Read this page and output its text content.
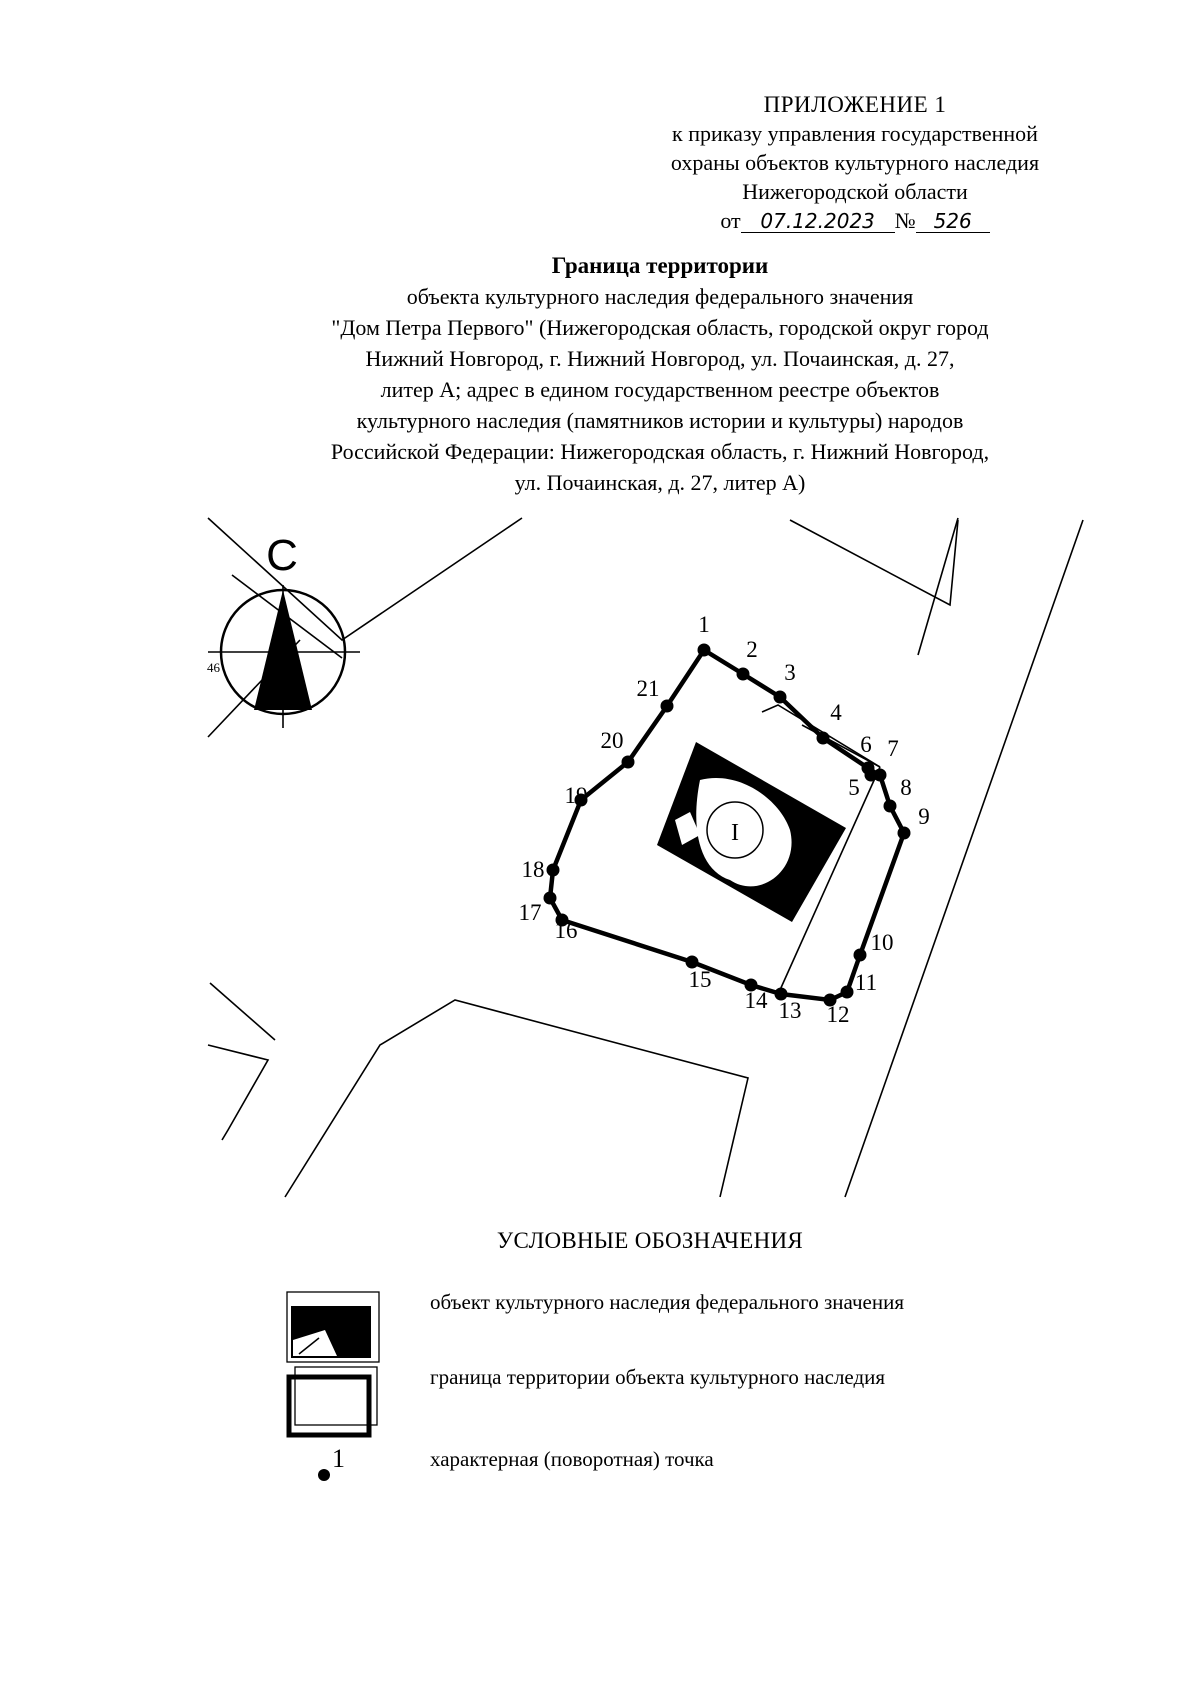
ПРИЛОЖЕНИЕ 1
к приказу управления государственной
охраны объектов культурного наследия
Нижегородской области
от 07.12.2023 № 526
Граница территории
объекта культурного наследия федерального значения
"Дом Петра Первого" (Нижегородская область, городской округ город
Нижний Новгород, г. Нижний Новгород, ул. Почаинская, д. 27,
литер А; адрес в едином государственном реестре объектов
культурного наследия (памятников истории и культуры) народов
Российской Федерации: Нижегородская область, г. Нижний Новгород,
ул. Почаинская, д. 27, литер А)
С
46
I
1
2
3
4
5
6 7
8
9
10
11
12
13
14
15
16
17
18
19
20
21
УСЛОВНЫЕ ОБОЗНАЧЕНИЯ
объект культурного наследия федерального значения
граница территории объекта культурного наследия
1	характерная (поворотная) точка
